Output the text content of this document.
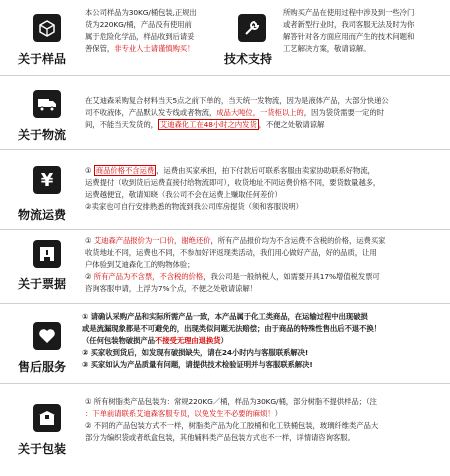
关于样品
本公司样品为30KG/桶包装,正规出
货为220KG/桶，产品没有使用前
属于危险化学品，样品收到后请妥
善保管，非专业人士请谨慎购买！
技术支持
所购买产品在使用过程中涉及到一些冷门
或者新型行业时，我司客服无法及时为你
解答针对各方面应用而产生的技术问题和
工艺解决方案，敬请谅解。
关于物流
在艾迪森采购复合材料当天5点之前下单的，当天统一发物流，因为是液体产品，大部分快递公
司不收液体，产品默认发专线或者物流，成品大吨位，一货柜以上的，因为袋货需要一定的时
间，不能当天发货的， 艾迪森化工在48小时之内发货 ，不便之处敬请谅解
¥
物流运费
① 商品价格不含运费 ，运费由买家承担，拍下付款后可联系客服由卖家协助联系好物流，
运费提付（收到货后运费直接付给物流即可），收货地址不同运费价格不同，要货数量越多，
运费越便宜，敬请知晓（我公司不会在运费上赚取任何差价）
②卖家也可自行安排熟悉的物流到我公司库房提货（须和客服说明）
关于票据
① 艾迪森产品报价为一口价，谢绝还价，所有产品报价均为不含运费不含税的价格，运费买家
收货地址不同，运费也不同，不参加好评返现类活动，我们用心做好产品，好的品质，让用
户体验到艾迪森化工的购物体验；
② 所有产品为不含票，不含税的价格，我公司是一般纳税人，如需要开具17%增值税发票可
咨询客服申请，上浮为7%个点，不便之处敬请谅解！
售后服务
① 请确认采购产品和实际所需产品一致，本产品属于化工类商品，在运输过程中出现破损
或是流漏现象都是不可避免的，出现类似问题无法赔偿；由于商品的特殊性售出后不退不换！
（任何包装物破损产品不接受无理由退换货）
② 买家收到货后，如发现有破损缺失，请在24小时内与客服联系解决!
③ 买家如认为产品质量有问题，请提供技术检验证明并与客服联系解决!
关于包装
① 所有树脂类产品包装为：常规220KG／桶，样品为30KG/桶，部分树脂不提供样品；（注
：下单前请联系艾迪森客服专员，以免发生不必要的麻烦！）
② 不同的产品包装方式不一样，树脂类产品为化工胶桶和化工铁桶包装，玻璃纤维类产品大
部分为编织袋或者纸盒包装，其他辅料类产品包装方式也不一样，详情请咨询客服。
